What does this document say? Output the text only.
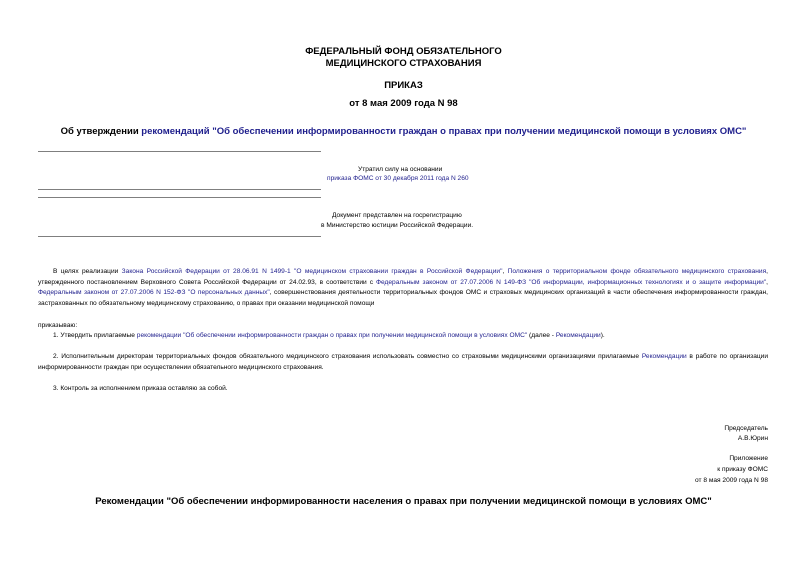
ФЕДЕРАЛЬНЫЙ ФОНД ОБЯЗАТЕЛЬНОГО
МЕДИЦИНСКОГО СТРАХОВАНИЯ
ПРИКАЗ
от 8 мая 2009 года N 98
Об утверждении рекомендаций "Об обеспечении информированности граждан о правах при получении медицинской помощи в условиях ОМС"
Утратил силу на основании
приказа ФОМС от 30 декабря 2011 года N 260
Документ представлен на госрегистрацию
в Министерство юстиции Российской Федерации.
В целях реализации Закона Российской Федерации от 28.06.91 N 1499-1 "О медицинском страховании граждан в Российской Федерации", Положения о территориальном фонде обязательного медицинского страхования, утвержденного постановлением Верховного Совета Российской Федерации от 24.02.93, в соответствии с Федеральным законом от 27.07.2006 N 149-ФЗ "Об информации, информационных технологиях и о защите информации", Федеральным законом от 27.07.2006 N 152-ФЗ "О персональных данных", совершенствования деятельности территориальных фондов ОМС и страховых медицинских организаций в части обеспечения информированности граждан, застрахованных по обязательному медицинскому страхованию, о правах при оказании медицинской помощи
приказываю:
1. Утвердить прилагаемые рекомендации "Об обеспечении информированности граждан о правах при получении медицинской помощи в условиях ОМС" (далее - Рекомендации).
2. Исполнительным директорам территориальных фондов обязательного медицинского страхования использовать совместно со страховыми медицинскими организациями прилагаемые Рекомендации в работе по организации информированности граждан при осуществлении обязательного медицинского страхования.
3. Контроль за исполнением приказа оставляю за собой.
Председатель
А.В.Юрин
Приложение
к приказу ФОМС
от 8 мая 2009 года N 98
Рекомендации "Об обеспечении информированности населения о правах при получении медицинской помощи в условиях ОМС"
